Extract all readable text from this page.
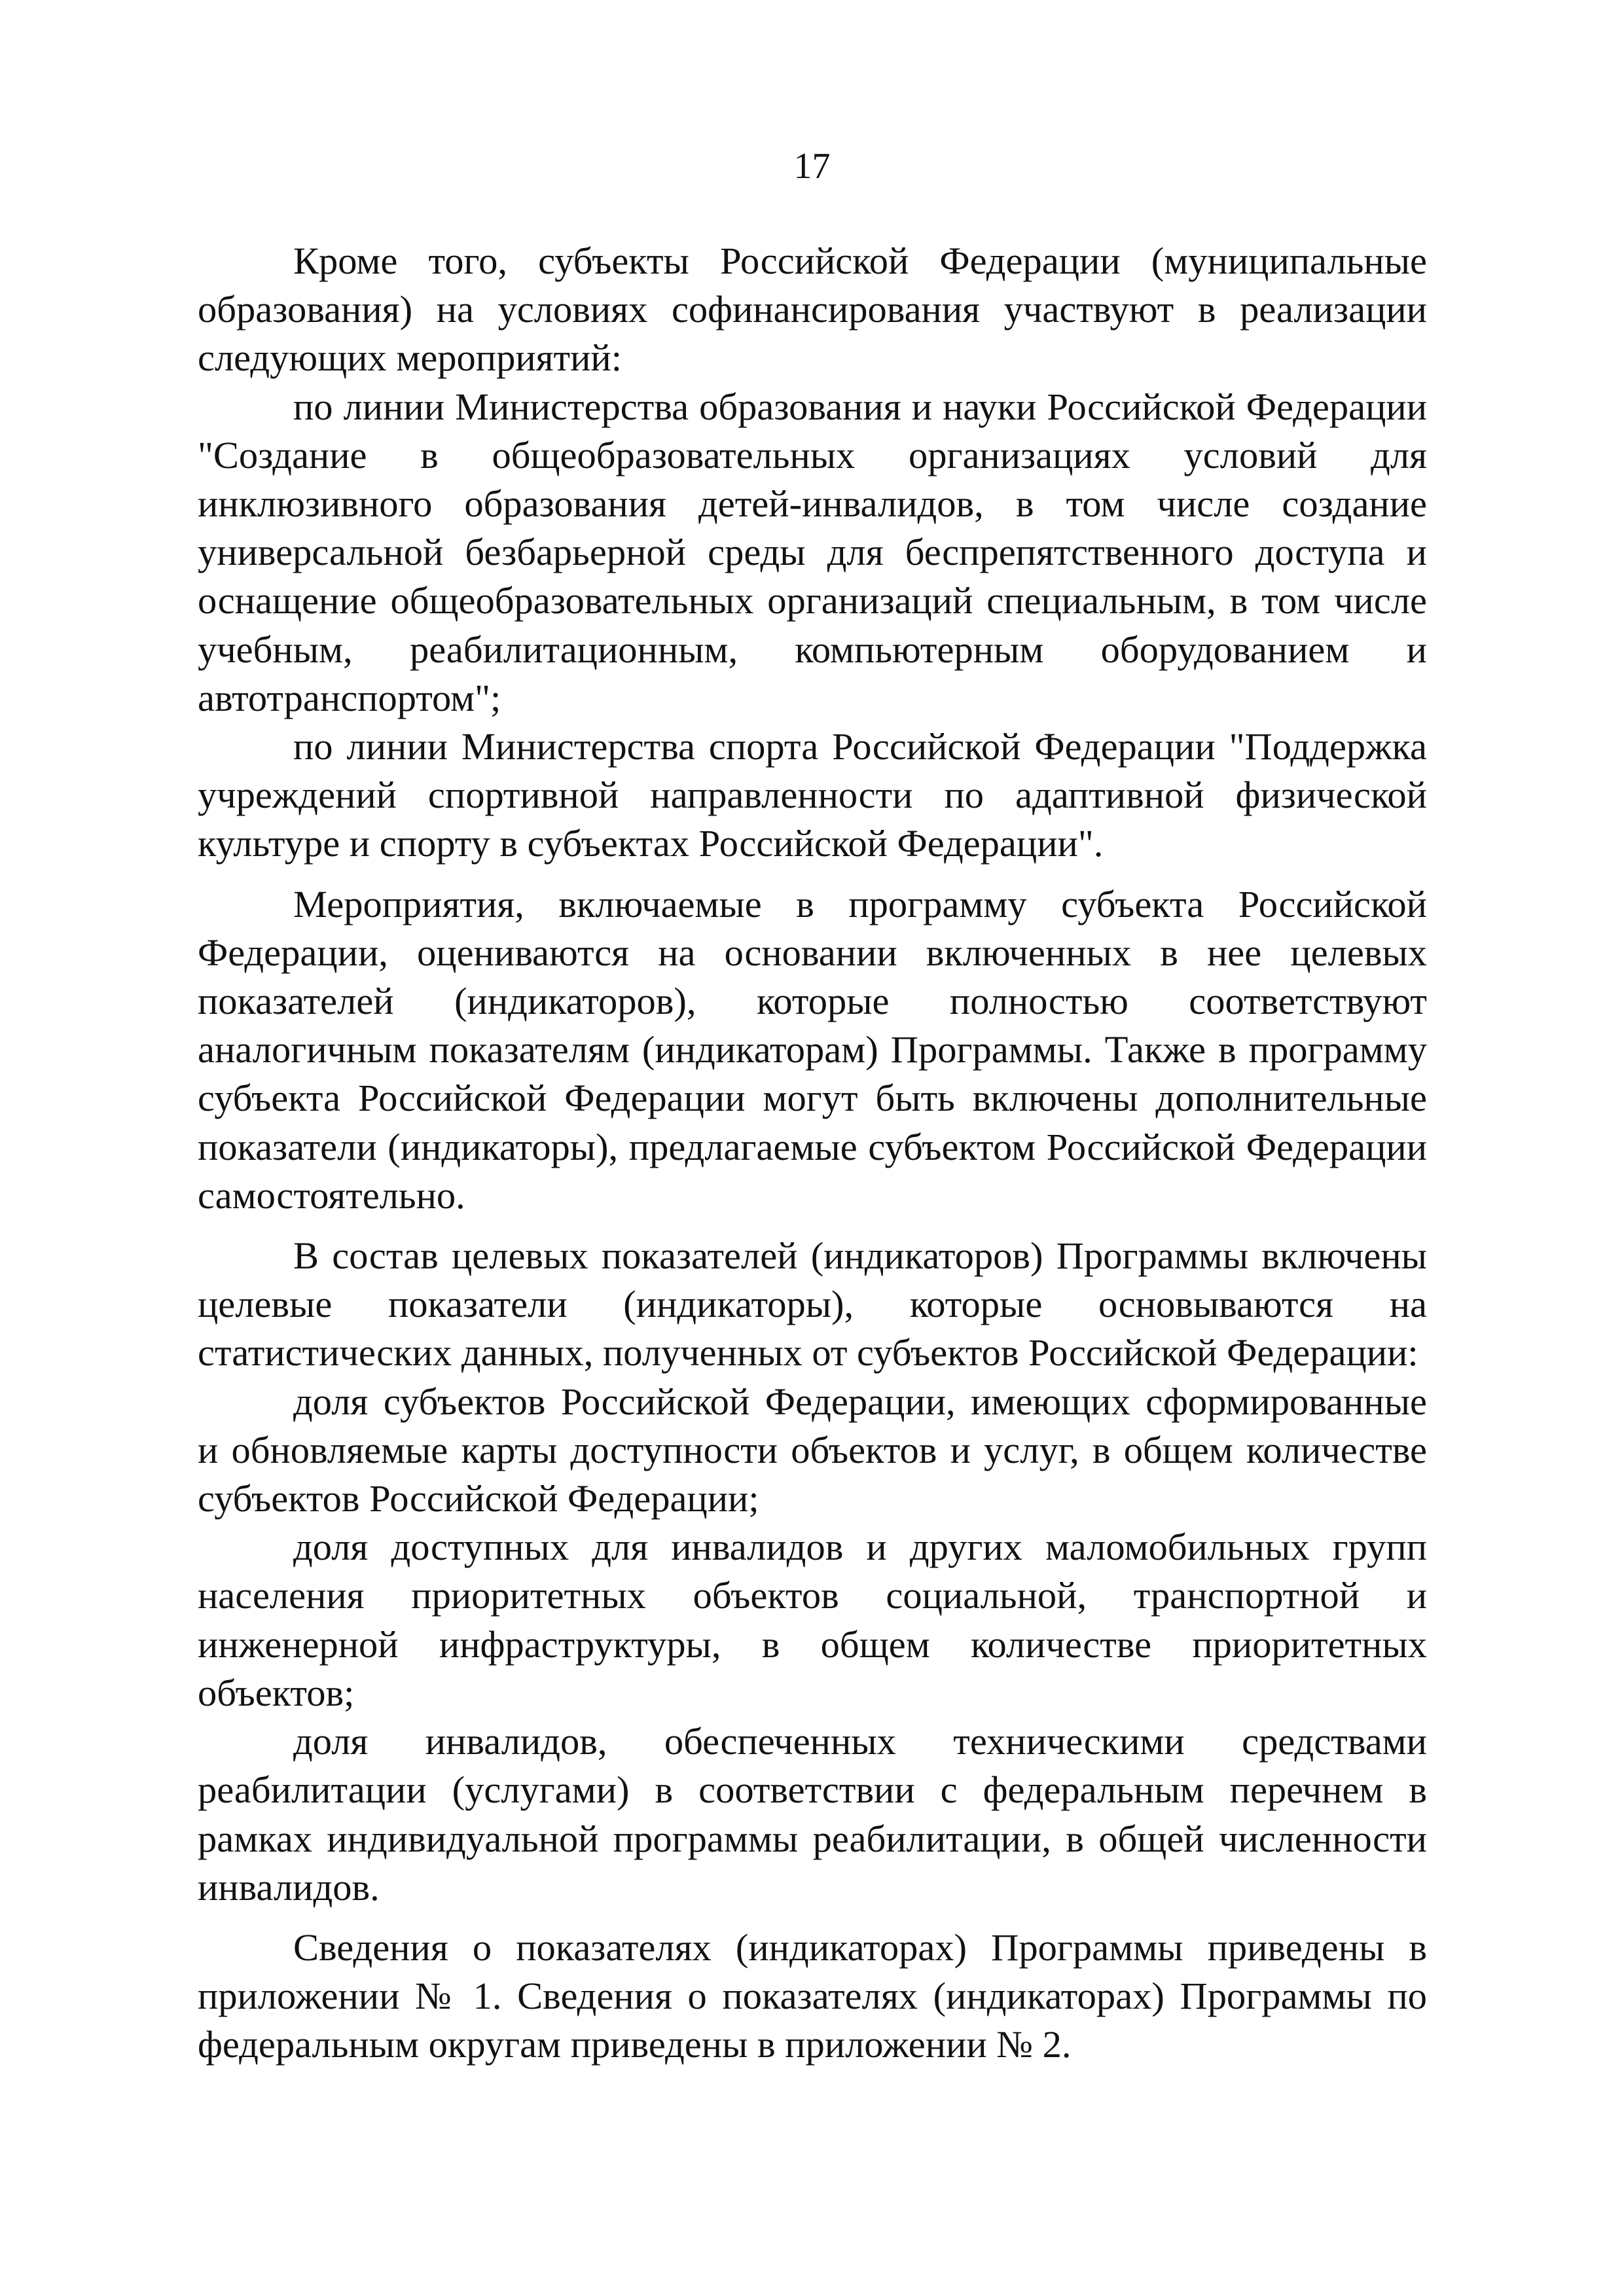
17

Кроме того, субъекты Российской Федерации (муниципальные образования) на условиях софинансирования участвуют в реализации следующих мероприятий:

по линии Министерства образования и науки Российской Федерации "Создание в общеобразовательных организациях условий для инклюзивного образования детей-инвалидов, в том числе создание универсальной безбарьерной среды для беспрепятственного доступа и оснащение общеобразовательных организаций специальным, в том числе учебным, реабилитационным, компьютерным оборудованием и автотранспортом";

по линии Министерства спорта Российской Федерации "Поддержка учреждений спортивной направленности по адаптивной физической культуре и спорту в субъектах Российской Федерации".

Мероприятия, включаемые в программу субъекта Российской Федерации, оцениваются на основании включенных в нее целевых показателей (индикаторов), которые полностью соответствуют аналогичным показателям (индикаторам) Программы. Также в программу субъекта Российской Федерации могут быть включены дополнительные показатели (индикаторы), предлагаемые субъектом Российской Федерации самостоятельно.

В состав целевых показателей (индикаторов) Программы включены целевые показатели (индикаторы), которые основываются на статистических данных, полученных от субъектов Российской Федерации:

доля субъектов Российской Федерации, имеющих сформированные и обновляемые карты доступности объектов и услуг, в общем количестве субъектов Российской Федерации;

доля доступных для инвалидов и других маломобильных групп населения приоритетных объектов социальной, транспортной и инженерной инфраструктуры, в общем количестве приоритетных объектов;

доля инвалидов, обеспеченных техническими средствами реабилитации (услугами) в соответствии с федеральным перечнем в рамках индивидуальной программы реабилитации, в общей численности инвалидов.

Сведения о показателях (индикаторах) Программы приведены в приложении № 1. Сведения о показателях (индикаторах) Программы по федеральным округам приведены в приложении № 2.
